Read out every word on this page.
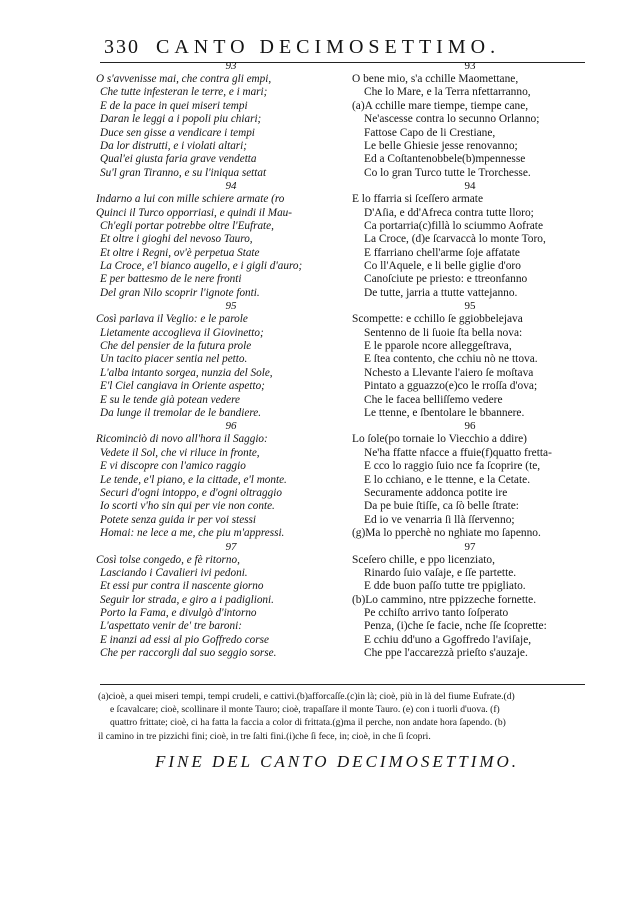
330 CANTO DECIMOSETTIMO.
93
O s'avvenisse mai, che contra gli empi,
Che tutte infesteran le terre, e i mari;
E de la pace in quei miseri tempi
Daran le leggi a i popoli piu chiari;
Duce sen gisse a vendicare i tempi
Da lor distrutti, e i violati altari;
Qual'ei giusta faria grave vendetta
Su'l gran Tiranno, e su l'iniqua settat
94
Indarno a lui con mille schiere armate (ro
Quinci il Turco opporriasi, e quindi il Mau-
Ch'egli portar potrebbe oltre l'Eufrate,
Et oltre i gioghi del nevoso Tauro,
Et oltre i Regni, ov'è perpetua State
La Croce, e'l bianco augello, e i gigli d'auro;
E per battesmo de le nere fronti
Del gran Nilo scoprir l'ignote fonti.
95
Così parlava il Veglio: e le parole
Lietamente accoglieva il Giovinetto;
Che del pensier de la futura prole
Un tacito piacer sentia nel petto.
L'alba intanto sorgea, nunzia del Sole,
E'l Ciel cangiava in Oriente aspetto;
E su le tende già potean vedere
Da lunge il tremolar de le bandiere.
96
Ricominciò di novo all'hora il Saggio:
Vedete il Sol, che vi riluce in fronte,
E vi discopre con l'amico raggio
Le tende, e'l piano, e la cittade, e'l monte.
Securi d'ogni intoppo, e d'ogni oltraggio
Io scorti v'ho sin qui per vie non conte.
Potete senza guida ir per voi stessi
Homai: ne lece a me, che piu m'appressi.
97
Così tolse congedo, e fè ritorno,
Lasciando i Cavalieri ivi pedoni.
Et essi pur contra il nascente giorno
Seguir lor strada, e giro a i padiglioni.
Porto la Fama, e divulgò d'intorno
L'aspettato venir de' tre baroni:
E inanzi ad essi al pio Goffredo corse
Che per raccorgli dal suo seggio sorse.
93
O bene mio, s'a cchille Maomettane,
Che lo Mare, e la Terra nfettarranno,
(a)A cchille mare tiempe, tiempe cane,
Ne'ascesse contra lo secunno Orlanno;
Fattose Capo de li Crestiane,
Le belle Ghiesie jesse renovanno;
Ed a Coſtantenobbele(b)mpennesse
Co lo gran Turco tutte le Trorchesse.
94
E lo ffarria si ſceſſero armate
D'Aſia, e dd'Afreca contra tutte lloro;
Ca portarria(c)fillà lo sciummo Aofrate
La Croce, (d)e ſcarvaccà lo monte Toro,
E ffarriano chell'arme ſoje affatate
Co ll'Aquele, e li belle giglie d'oro
Canoſciute pe priesto: e ttreonfanno
De tutte, jarria a ttutte vattejanno.
95
Scompette: e cchillo ſe ggiobbelejava
Sentenno de li ſuoie ſta bella nova:
E le pparole ncore alleggeſtrava,
E ſtea contento, che cchiu nò ne ttova.
Nchesto a Llevante l'aiero ſe moſtava
Pintato a gguazzo(e)co le rroſſa d'ova;
Che le facea belliſſemo vedere
Le ttenne, e ſbentolare le bbannere.
96
Lo ſole(po tornaie lo Viecchio a ddire)
Ne'ha ffatte nfacce a ffuie(f)quatto fretta-
E cco lo raggio ſuio nce fa ſcoprire (te,
E lo cchiano, e le ttenne, e la Cetate.
Securamente addonca potite ire
Da pe buie ſtiſſe, ca ſò belle ſtrate:
Ed io ve venarria ſi llà ſſervenno;
(g)Ma lo pperchè no nghiate mo ſapenno.
97
Sceſero chille, e ppo licenziato,
Rinardo ſuio vaſaje, e ſſe partette.
E dde buon paſſo tutte tre ppigliato.
(b)Lo cammino, ntre ppizzeche fornette.
Pe cchiſto arrivo tanto ſoſperato
Penza, (i)che ſe facie, nche ſſe ſcoprette:
E cchiu dd'uno a Ggoffredo l'aviſaje,
Che ppe l'accarezzà prieſto s'auzaje.
(a)cioè, a quei miseri tempi, tempi crudeli, e cattivi.(b)afforcaſſe.(c)in là; cioè, più in là del fiume Eufrate.(d)
e ſcavalcare; cioè, scollinare il monte Tauro; cioè, trapaſſare il monte Tauro. (e) con i tuorli d'uova. (f)
quattro frittate; cioè, ci ha fatta la faccia a color di frittata.(g)ma il perche, non andate hora ſapendo. (b)
il camino in tre pizzichi fini; cioè, in tre ſalti fini.(i)che ſi fece, in; cioè, in che ſi ſcopri.
FINE DEL CANTO DECIMOSETTIMO.
